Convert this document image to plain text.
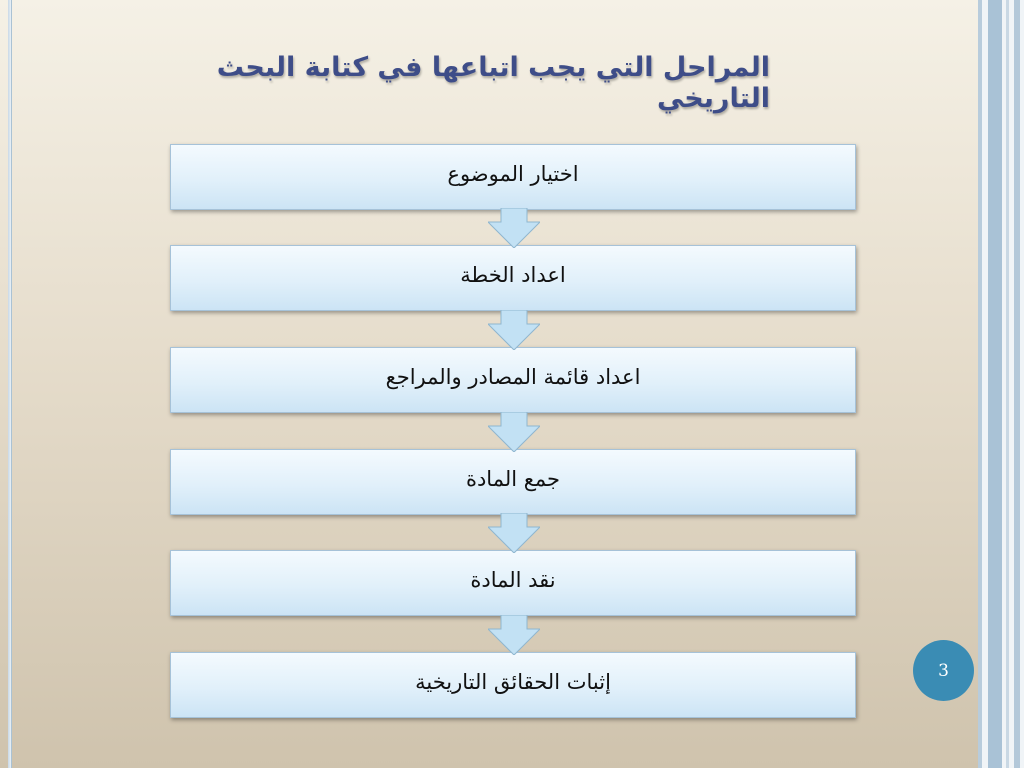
المراحل التي يجب اتباعها في كتابة البحث التاريخي
اختيار الموضوع
اعداد الخطة
اعداد قائمة المصادر والمراجع
جمع المادة
نقد المادة
إثبات الحقائق التاريخية	3
